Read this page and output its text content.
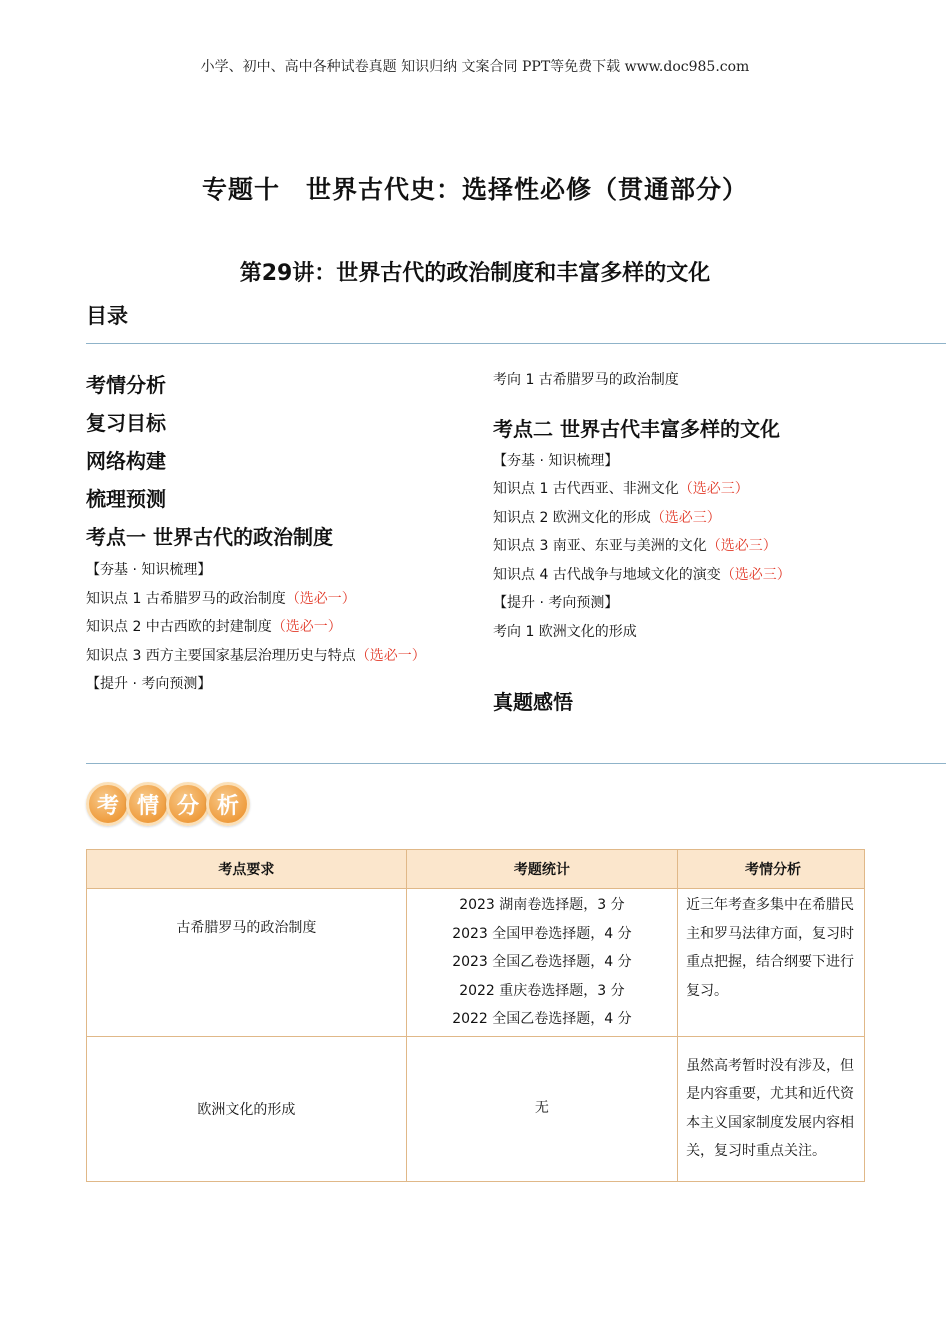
小学、初中、高中各种试卷真题 知识归纳 文案合同 PPT等免费下载 www.doc985.com
专题十　世界古代史：选择性必修（贯通部分）
第29讲：世界古代的政治制度和丰富多样的文化
目录
考情分析
复习目标
网络构建
梳理预测
考点一 世界古代的政治制度
【夯基 · 知识梳理】
知识点 1 古希腊罗马的政治制度（选必一）
知识点 2 中古西欧的封建制度（选必一）
知识点 3 西方主要国家基层治理历史与特点（选必一）
【提升 · 考向预测】
考向 1 古希腊罗马的政治制度
考点二 世界古代丰富多样的文化
【夯基 · 知识梳理】
知识点 1 古代西亚、非洲文化（选必三）
知识点 2 欧洲文化的形成（选必三）
知识点 3 南亚、东亚与美洲的文化（选必三）
知识点 4 古代战争与地域文化的演变（选必三）
【提升 · 考向预测】
考向 1 欧洲文化的形成
真题感悟
考 情 分 析
考点要求	考题统计	考情分析
古希腊罗马的政治制度	2023 湖南卷选择题，3 分
2023 全国甲卷选择题，4 分
2023 全国乙卷选择题，4 分
2022 重庆卷选择题，3 分
2022 全国乙卷选择题，4 分	近三年考查多集中在希腊民主和罗马法律方面，复习时重点把握，结合纲要下进行复习。
欧洲文化的形成	无	虽然高考暂时没有涉及，但是内容重要，尤其和近代资本主义国家制度发展内容相关，复习时重点关注。
